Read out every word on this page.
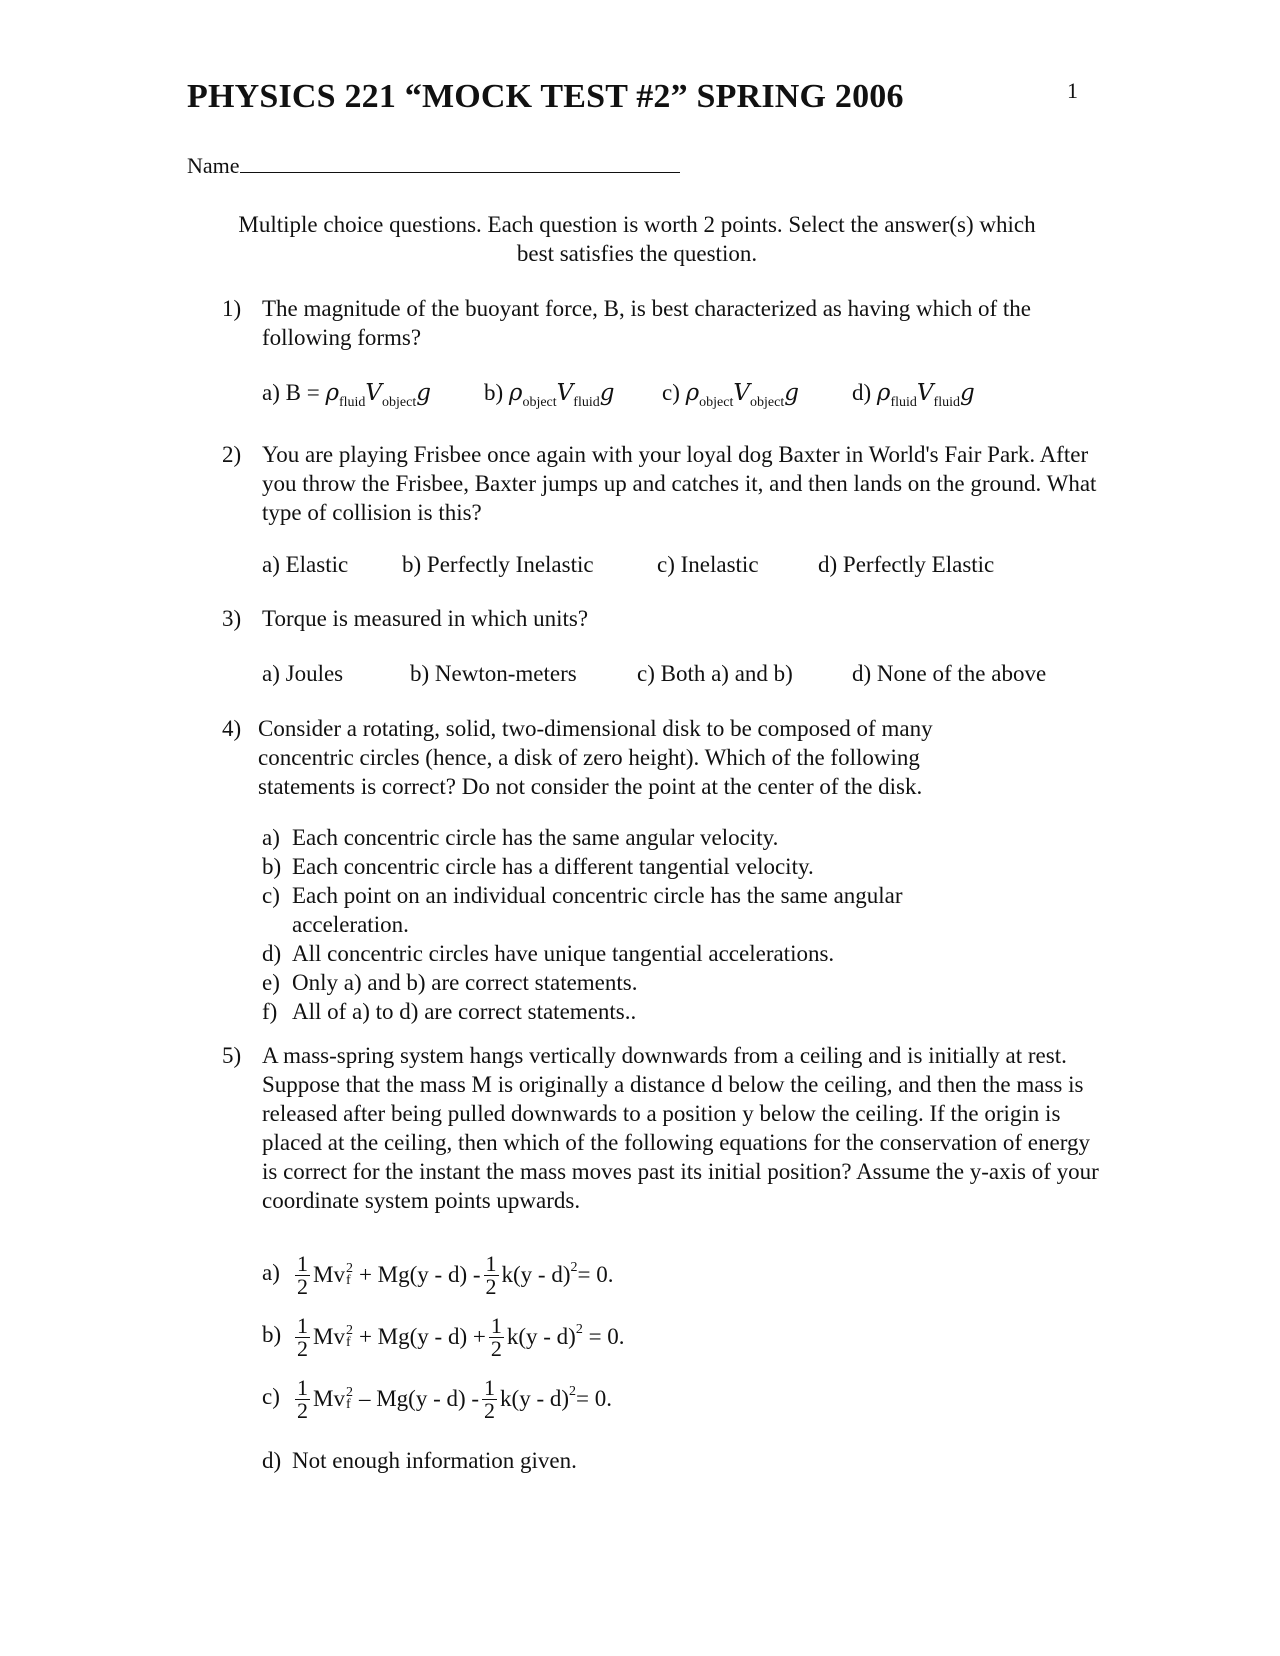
PHYSICS 221 “MOCK TEST #2” SPRING 2006	1
Name
Multiple choice questions. Each question is worth 2 points. Select the answer(s) which
best satisfies the question.
1) The magnitude of the buoyant force, B, is best characterized as having which of the following forms?
a) $B = \rho_{fluid}V_{object}g$ b) $\rho_{object}V_{fluid}g$ c) $\rho_{object}V_{object}g$ d) $\rho_{fluid}V_{fluid}g$
2) You are playing Frisbee once again with your loyal dog Baxter in World's Fair Park. After you throw the Frisbee, Baxter jumps up and catches it, and then lands on the ground. What type of collision is this?
a) Elastic b) Perfectly Inelastic	c) Inelastic	d) Perfectly Elastic
3) Torque is measured in which units?
a) Joules	b) Newton-meters	c) Both a) and b)	d) None of the above
4) Consider a rotating, solid, two-dimensional disk to be composed of many concentric circles (hence, a disk of zero height). Which of the following statements is correct? Do not consider the point at the center of the disk.
a) Each concentric circle has the same angular velocity.
b) Each concentric circle has a different tangential velocity.
c) Each point on an individual concentric circle has the same angular acceleration.
d) All concentric circles have unique tangential accelerations.
e) Only a) and b) are correct statements.
f) All of a) to d) are correct statements..
5) A mass-spring system hangs vertically downwards from a ceiling and is initially at rest. Suppose that the mass M is originally a distance d below the ceiling, and then the mass is released after being pulled downwards to a position y below the ceiling. If the origin is placed at the ceiling, then which of the following equations for the conservation of energy is correct for the instant the mass moves past its initial position? Assume the y-axis of your coordinate system points upwards.
$a) \frac{1}{2}$ Mv 2
$f + Mg(y - d) - \frac{1}{2} k(y - d)^2 = 0$.
$b) \frac{1}{2}$ Mv 2
$f + Mg(y - d) + \frac{1}{2} k(y - d)^2 = 0$.
$c) \frac{1}{2}$ Mv 2
$f - Mg(y - d) - \frac{1}{2} k(y - d)^2 = 0$.
d) Not enough information given.
